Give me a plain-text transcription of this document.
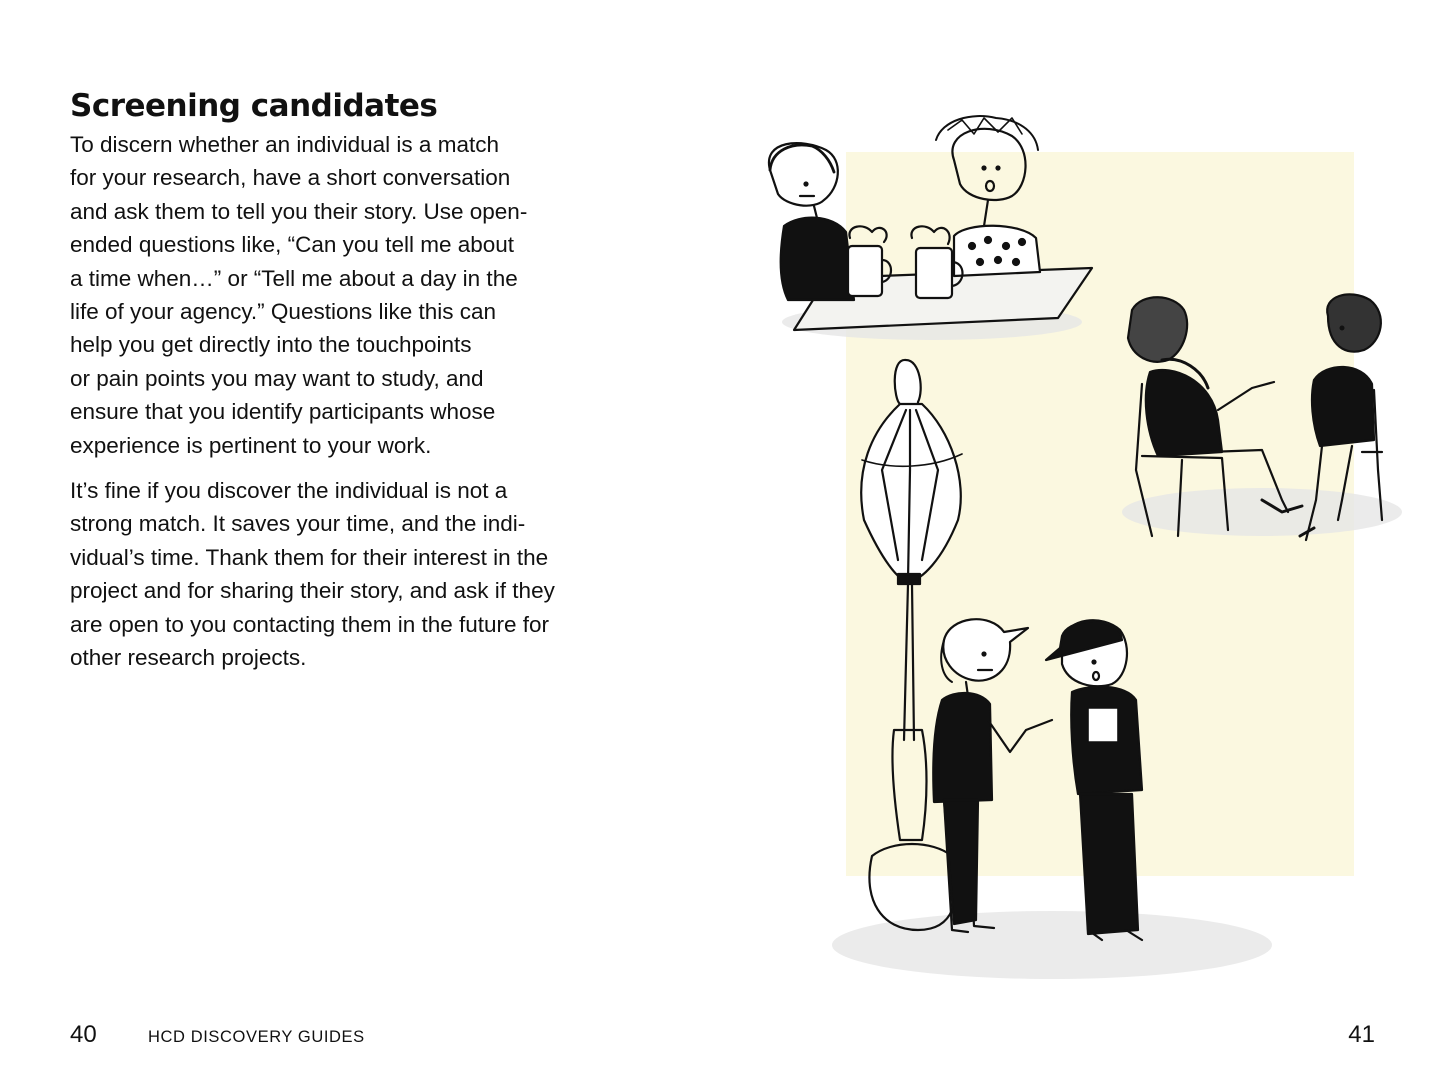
Screening candidates

To discern whether an individual is a match
for your research, have a short conversation
and ask them to tell you their story. Use open-
ended questions like, “Can you tell me about
a time when…” or “Tell me about a day in the
life of your agency.” Questions like this can
help you get directly into the touchpoints
or pain points you may want to study, and
ensure that you identify participants whose
experience is pertinent to your work.

It’s fine if you discover the individual is not a
strong match. It saves your time, and the indi-
vidual’s time. Thank them for their interest in the
project and for sharing their story, and ask if they
are open to you contacting them in the future for
other research projects.

40	HCD DISCOVERY GUIDES	41
